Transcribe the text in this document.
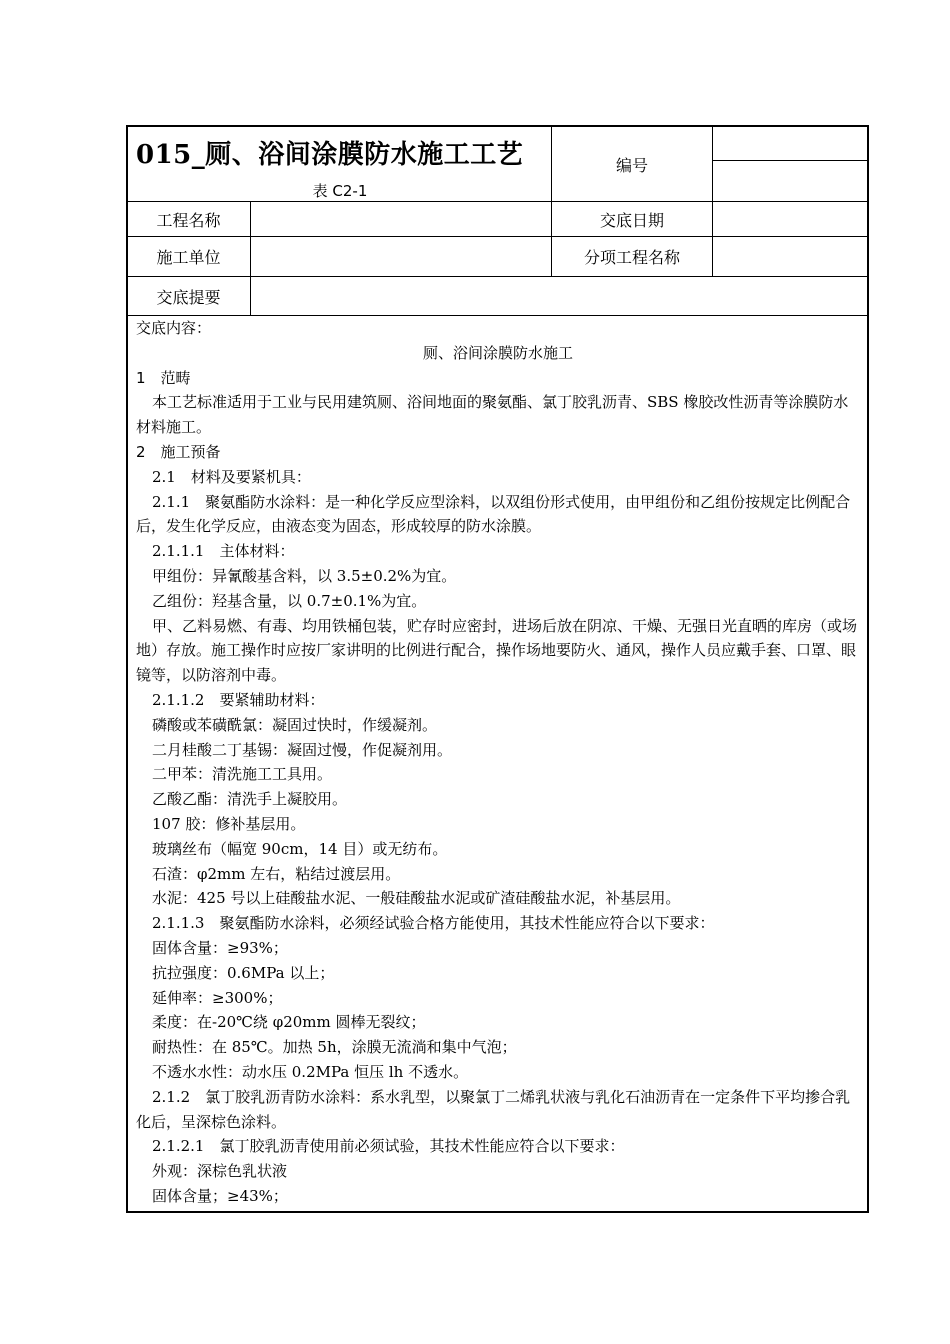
015_厕、浴间涂膜防水施工工艺
表 C2-1
编号
工程名称	交底日期
施工单位	分项工程名称
交底提要

交底内容：

厕、浴间涂膜防水施工

1　范畴

本工艺标准适用于工业与民用建筑厕、浴间地面的聚氨酯、氯丁胶乳沥青、SBS 橡胶改性沥青等涂膜防水材料施工。

2　施工预备

2.1　材料及要紧机具：

2.1.1　聚氨酯防水涂料：是一种化学反应型涂料，以双组份形式使用，由甲组份和乙组份按规定比例配合后，发生化学反应，由液态变为固态，形成较厚的防水涂膜。

2.1.1.1　主体材料：

甲组份：异氰酸基含料，以 3.5±0.2%为宜。

乙组份：羟基含量，以 0.7±0.1%为宜。

甲、乙料易燃、有毒、均用铁桶包装，贮存时应密封，进场后放在阴凉、干燥、无强日光直晒的库房（或场地）存放。施工操作时应按厂家讲明的比例进行配合，操作场地要防火、通风，操作人员应戴手套、口罩、眼镜等，以防溶剂中毒。

2.1.1.2　要紧辅助材料：

磷酸或苯磺酰氯：凝固过快时，作缓凝剂。

二月桂酸二丁基锡：凝固过慢，作促凝剂用。

二甲苯：清洗施工工具用。

乙酸乙酯：清洗手上凝胶用。

107 胶：修补基层用。

玻璃丝布（幅宽 90cm，14 目）或无纺布。

石渣：φ2mm 左右，粘结过渡层用。

水泥：425 号以上硅酸盐水泥、一般硅酸盐水泥或矿渣硅酸盐水泥，补基层用。

2.1.1.3　聚氨酯防水涂料，必须经试验合格方能使用，其技术性能应符合以下要求：

固体含量：≥93%；

抗拉强度：0.6MPa 以上；

延伸率：≥300%；

柔度：在-20℃绕 φ20mm 圆棒无裂纹；

耐热性：在 85℃。加热 5h，涂膜无流淌和集中气泡；

不透水水性：动水压 0.2MPa 恒压 lh 不透水。

2.1.2　氯丁胶乳沥青防水涂料：系水乳型，以聚氯丁二烯乳状液与乳化石油沥青在一定条件下平均掺合乳化后，呈深棕色涂料。

2.1.2.1　氯丁胶乳沥青使用前必须试验，其技术性能应符合以下要求：

外观：深棕色乳状液

固体含量；≥43%；
